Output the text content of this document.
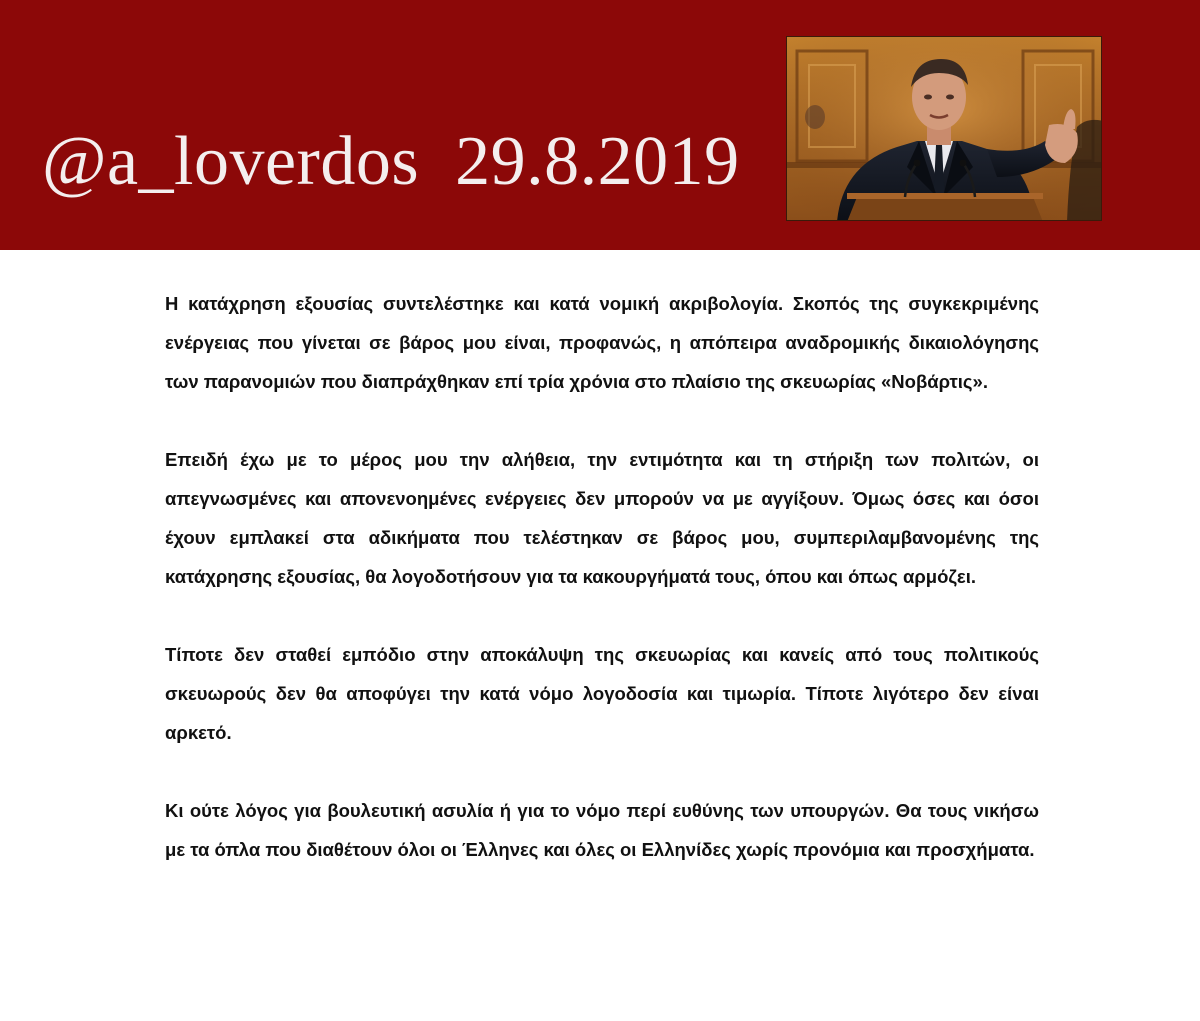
@a_loverdos 29.8.2019

Η κατάχρηση εξουσίας συντελέστηκε και κατά νομική ακριβολογία. Σκοπός της συγκεκριμένης ενέργειας που γίνεται σε βάρος μου είναι, προφανώς, η απόπειρα αναδρομικής δικαιολόγησης των παρανομιών που διαπράχθηκαν επί τρία χρόνια στο πλαίσιο της σκευωρίας «Νοβάρτις».

Επειδή έχω με το μέρος μου την αλήθεια, την εντιμότητα και τη στήριξη των πολιτών, οι απεγνωσμένες και απονενοημένες ενέργειες δεν μπορούν να με αγγίξουν. Όμως όσες και όσοι έχουν εμπλακεί στα αδικήματα που τελέστηκαν σε βάρος μου, συμπεριλαμβανομένης της κατάχρησης εξουσίας, θα λογοδοτήσουν για τα κακουργήματά τους, όπου και όπως αρμόζει.

Τίποτε δεν σταθεί εμπόδιο στην αποκάλυψη της σκευωρίας και κανείς από τους πολιτικούς σκευωρούς δεν θα αποφύγει την κατά νόμο λογοδοσία και τιμωρία. Τίποτε λιγότερο δεν είναι αρκετό.

Κι ούτε λόγος για βουλευτική ασυλία ή για το νόμο περί ευθύνης των υπουργών. Θα τους νικήσω με τα όπλα που διαθέτουν όλοι οι Έλληνες και όλες οι Ελληνίδες χωρίς προνόμια και προσχήματα.
